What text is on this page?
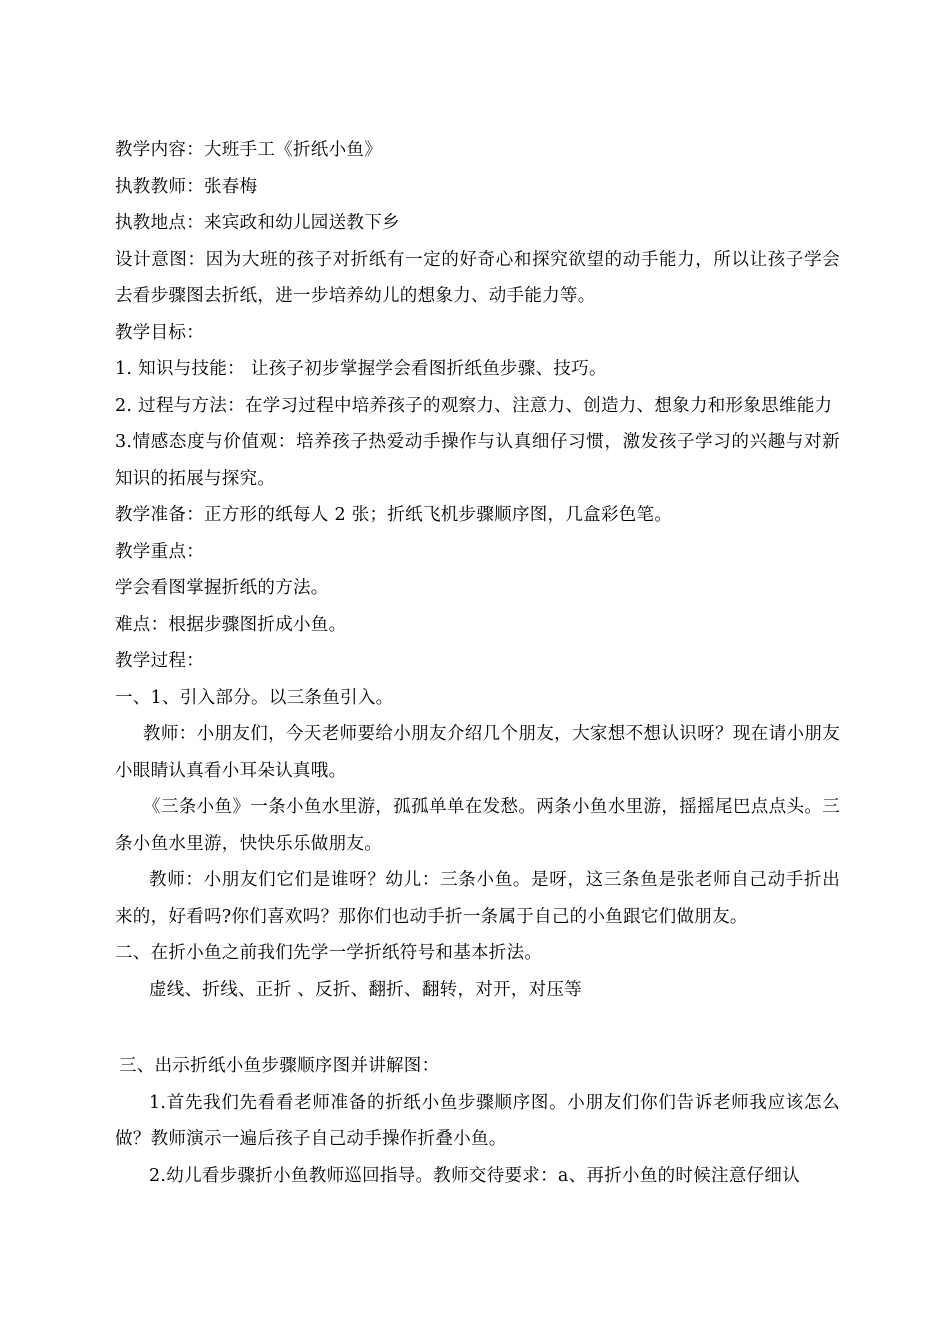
教学内容：大班手工《折纸小鱼》
执教教师：张春梅
执教地点：来宾政和幼儿园送教下乡
设计意图：因为大班的孩子对折纸有一定的好奇心和探究欲望的动手能力，所以让孩子学会去看步骤图去折纸，进一步培养幼儿的想象力、动手能力等。
教学目标：
1. 知识与技能： 让孩子初步掌握学会看图折纸鱼步骤、技巧。
2. 过程与方法：在学习过程中培养孩子的观察力、注意力、创造力、想象力和形象思维能力
3.情感态度与价值观：培养孩子热爱动手操作与认真细仔习惯，激发孩子学习的兴趣与对新知识的拓展与探究。
教学准备：正方形的纸每人 2 张；折纸飞机步骤顺序图，几盒彩色笔。
教学重点：
学会看图掌握折纸的方法。
难点：根据步骤图折成小鱼。
教学过程：
一、1、引入部分。以三条鱼引入。
教师：小朋友们，今天老师要给小朋友介绍几个朋友，大家想不想认识呀？现在请小朋友小眼睛认真看小耳朵认真哦。
《三条小鱼》一条小鱼水里游，孤孤单单在发愁。两条小鱼水里游，摇摇尾巴点点头。三条小鱼水里游，快快乐乐做朋友。
教师：小朋友们它们是谁呀？幼儿：三条小鱼。是呀，这三条鱼是张老师自己动手折出来的，好看吗?你们喜欢吗？那你们也动手折一条属于自己的小鱼跟它们做朋友。
二、在折小鱼之前我们先学一学折纸符号和基本折法。
虚线、折线、正折 、反折、翻折、翻转，对开，对压等
三、出示折纸小鱼步骤顺序图并讲解图：
1.首先我们先看看老师准备的折纸小鱼步骤顺序图。小朋友们你们告诉老师我应该怎么做？教师演示一遍后孩子自己动手操作折叠小鱼。
2.幼儿看步骤折小鱼教师巡回指导。教师交待要求：a、再折小鱼的时候注意仔细认
